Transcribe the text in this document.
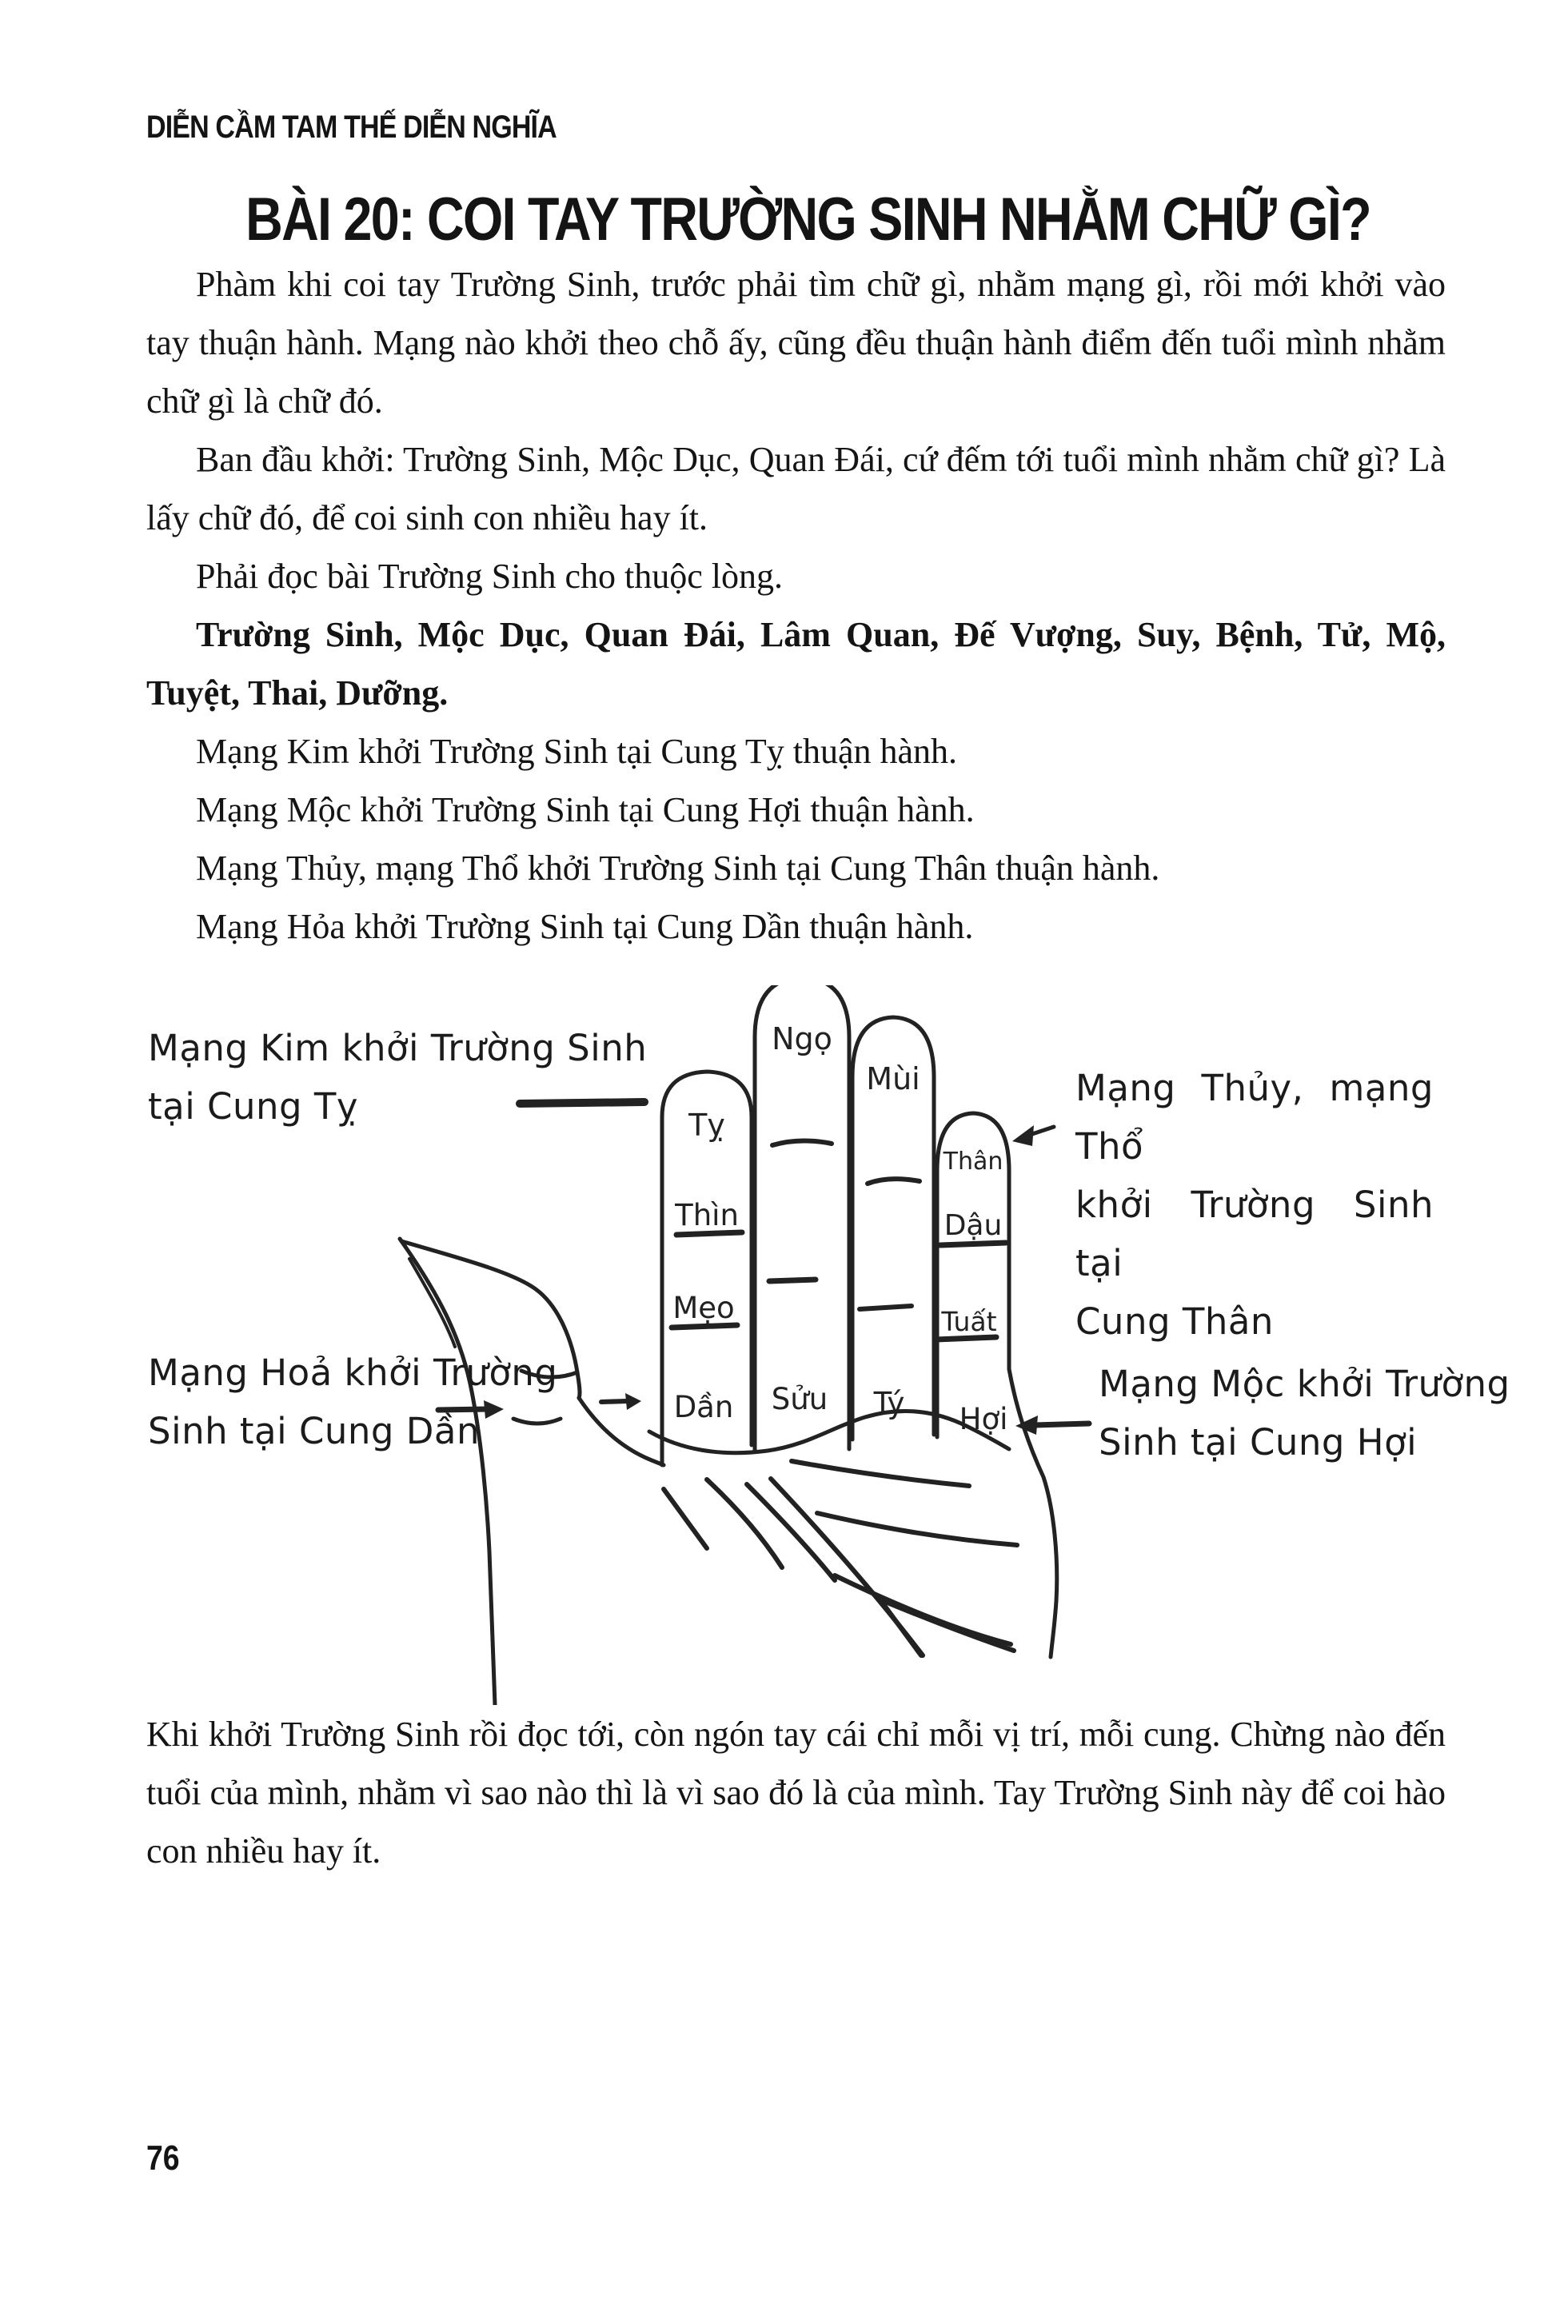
DIỄN CẦM TAM THẾ DIỄN NGHĨA
BÀI 20: COI TAY TRƯỜNG SINH NHẰM CHỮ GÌ?

Phàm khi coi tay Trường Sinh, trước phải tìm chữ gì, nhằm mạng gì, rồi mới khởi vào tay thuận hành. Mạng nào khởi theo chỗ ấy, cũng đều thuận hành điểm đến tuổi mình nhằm chữ gì là chữ đó.

Ban đầu khởi: Trường Sinh, Mộc Dục, Quan Đái, cứ đếm tới tuổi mình nhằm chữ gì? Là lấy chữ đó, để coi sinh con nhiều hay ít.

Phải đọc bài Trường Sinh cho thuộc lòng.

Trường Sinh, Mộc Dục, Quan Đái, Lâm Quan, Đế Vượng, Suy, Bệnh, Tử, Mộ, Tuyệt, Thai, Dưỡng.

Mạng Kim khởi Trường Sinh tại Cung Tỵ thuận hành.

Mạng Mộc khởi Trường Sinh tại Cung Hợi thuận hành.

Mạng Thủy, mạng Thổ khởi Trường Sinh tại Cung Thân thuận hành.

Mạng Hỏa khởi Trường Sinh tại Cung Dần thuận hành.

Tỵ
Thìn
Mẹo
Dần
Ngọ
Sửu
Mùi
Tý
Thân
Dậu
Tuất
Hợi
Mạng Kim khởi Trường Sinh
tại Cung Tỵ	Mạng Thủy, mạng Thổ
khởi Trường Sinh tại
Cung Thân
Mạng Hoả khởi Trường
Sinh tại Cung Dần
Mạng Mộc khởi Trường
Sinh tại Cung Hợi

Khi khởi Trường Sinh rồi đọc tới, còn ngón tay cái chỉ mỗi vị trí, mỗi cung. Chừng nào đến tuổi của mình, nhằm vì sao nào thì là vì sao đó là của mình. Tay Trường Sinh này để coi hào con nhiều hay ít.

76
